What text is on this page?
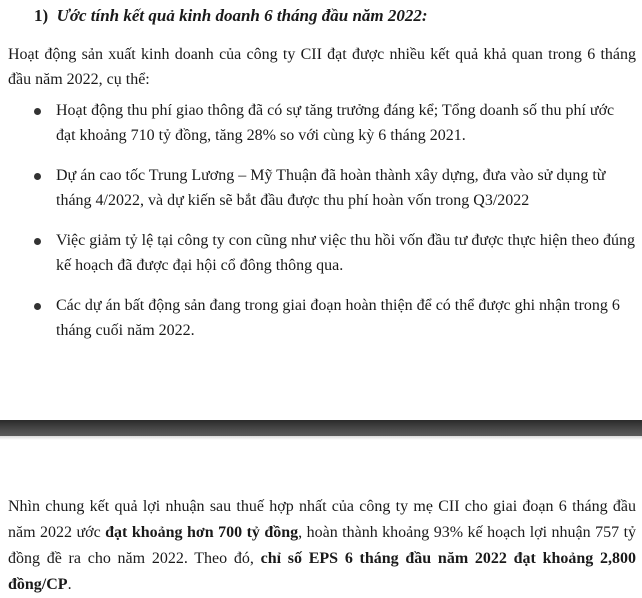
1) Ước tính kết quả kinh doanh 6 tháng đầu năm 2022:
Hoạt động sản xuất kinh doanh của công ty CII đạt được nhiều kết quả khả quan trong 6 tháng đầu năm 2022, cụ thể:
Hoạt động thu phí giao thông đã có sự tăng trưởng đáng kể; Tổng doanh số thu phí ước đạt khoảng 710 tỷ đồng, tăng 28% so với cùng kỳ 6 tháng 2021.
Dự án cao tốc Trung Lương – Mỹ Thuận đã hoàn thành xây dựng, đưa vào sử dụng từ tháng 4/2022, và dự kiến sẽ bắt đầu được thu phí hoàn vốn trong Q3/2022
Việc giảm tỷ lệ tại công ty con cũng như việc thu hồi vốn đầu tư được thực hiện theo đúng kế hoạch đã được đại hội cổ đông thông qua.
Các dự án bất động sản đang trong giai đoạn hoàn thiện để có thể được ghi nhận trong 6 tháng cuối năm 2022.
Nhìn chung kết quả lợi nhuận sau thuế hợp nhất của công ty mẹ CII cho giai đoạn 6 tháng đầu năm 2022 ước đạt khoảng hơn 700 tỷ đồng, hoàn thành khoảng 93% kế hoạch lợi nhuận 757 tỷ đồng đề ra cho năm 2022. Theo đó, chỉ số EPS 6 tháng đầu năm 2022 đạt khoảng 2,800 đồng/CP.
